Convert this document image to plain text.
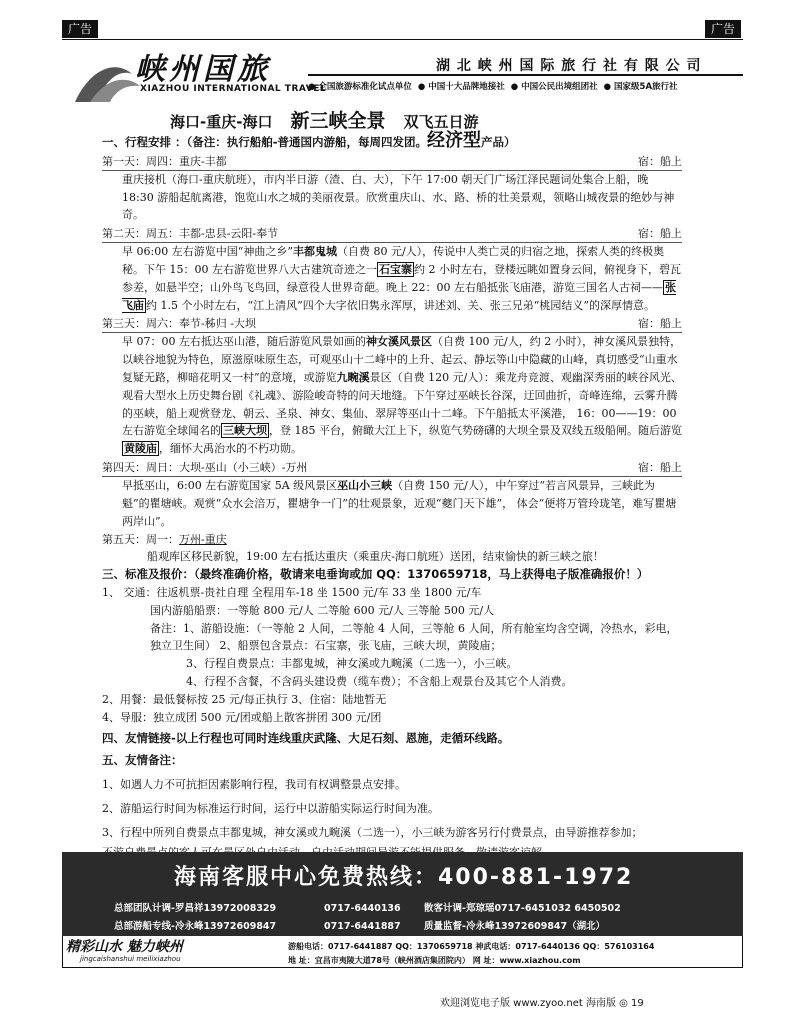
广告	广告
峡州国旅
XIAZHOU INTERNATIONAL TRAVEL
湖 北 峡 州 国 际 旅 行 社 有 限 公 司
● 全国旅游标准化试点单位 ● 中国十大品牌地接社 ● 中国公民出境组团社 ● 国家级5A旅行社
海口-重庆-海口 新三峡全景 双飞五日游
一、行程安排 ：（备注：执行船舶-普通国内游船，每周四发团。经济型产品）
第一天：周四：重庆-丰都	宿：船上
重庆接机（海口-重庆航班），市内半日游（渣、白、大），下午 17:00 朝天门广场江泽民题词处集合上船，晚 18:30 游船起航离港，饱览山水之城的美丽夜景。欣赏重庆山、水、路、桥的壮美景观，领略山城夜景的绝妙与神奇。
第二天：周五：丰都-忠县-云阳-奉节	宿：船上
早 06:00 左右游览中国“神曲之乡”丰都鬼城（自费 80 元/人），传说中人类亡灵的归宿之地，探索人类的终极奥秘。下午 15：00 左右游览世界八大古建筑奇迹之一 石宝寨 约 2 小时左右，登楼远眺如置身云间，俯视身下，碧瓦参差，如悬半空；山外鸟飞鸟回，绿意役人世界奇葩。晚上 22：00 左右船抵张飞庙港，游览三国名人古祠—— 张飞庙 约 1.5 个小时左右，“江上清风”四个大字依旧隽永浑厚，讲述刘、关、张三兄弟“桃园结义”的深厚情意。
第三天：周六：奉节-秭归 -大坝	宿：船上
早 07：00 左右抵达巫山港，随后游览风景如画的神女溪风景区（自费 100 元/人，约 2 小时），神女溪风景独特，以峡谷地貌为特色，原滋原味原生态，可观巫山十二峰中的上升、起云、静坛等山中隐藏的山峰，真切感受“山重水复疑无路，柳暗花明又一村”的意境，或游览九畹溪景区（自费 120 元/人）：乘龙舟竞渡、观幽深秀丽的峡谷风光、观看大型水上历史舞台剧《礼魂》、游险峻奇特的问天地缝。下午穿过巫峡长谷深，迂回曲折，奇峰连绵，云雾升腾的巫峡，船上观赏登龙、朝云、圣泉、神女、集仙、翠屏等巫山十二峰。下午船抵太平溪港， 16：00——19：00 左右游览全球闻名的 三峡大坝 ，登 185 平台，俯瞰大江上下，纵览气势磅礴的大坝全景及双线五级船闸。随后游览黄陵庙 ，缅怀大禹治水的不朽功勋。
第四天：周日：大坝-巫山（小三峡）-万州	宿：船上
早抵巫山，6:00 左右游览国家 5A 级风景区巫山小三峡（自费 150 元/人），中午穿过“若言风景异，三峡此为魁”的瞿塘峡。观赏“众水会涪万，瞿塘争一门”的壮观景象，近观“夔门天下雄”， 体会“便将万管玲珑笔，难写瞿塘两岸山”。
第五天：周一：万州-重庆
船观库区移民新貌，19:00 左右抵达重庆（乘重庆-海口航班）送团，结束愉快的新三峡之旅！
三、标准及报价：（最终准确价格，敬请来电垂询或加 QQ：1370659718，马上获得电子版准确报价！）
1、 交通：往返机票-贵社自理 全程用车-18 坐 1500 元/车 33 坐 1800 元/车
国内游船船票：一等舱 800 元/人 二等舱 600 元/人 三等舱 500 元/人
备注：1、游船设施：（一等舱 2 人间，二等舱 4 人间，三等舱 6 人间，所有舱室均含空调，冷热水，彩电，独立卫生间） 2、船票包含景点：石宝寨，张飞庙，三峡大坝，黄陵庙；
3、行程自费景点：丰都鬼城，神女溪或九畹溪（二选一），小三峡。
4、行程不含餐，不含码头建设费（缆车费）；不含船上观景台及其它个人消费。
2、用餐：最低餐标按 25 元/每正执行 3、住宿：陆地暂无
4、导服：独立成团 500 元/团或船上散客拼团 300 元/团
四、友情链接-以上行程也可同时连线重庆武隆、大足石刻、恩施，走循环线路。
五、友情备注：
1、如遇人力不可抗拒因素影响行程，我司有权调整景点安排。
2、游船运行时间为标准运行时间，运行中以游船实际运行时间为准。
3、行程中所列自费景点丰都鬼城，神女溪或九畹溪（二选一），小三峡为游客另行付费景点，由导游推荐参加；
海南客服中心免费热线：400-881-1972
总部团队计调-罗昌祥13972008329	0717-6440136 散客计调-郑琼瑶0717-6451032 6450502
总部游船专线-冷永峰13972609847	0717-6441887 质量监督-冷永峰13972609847（湖北）
精彩山水 魅力峡州
jingcaishanshui meilixiazhou
游船电话：0717-6441887 QQ：1370659718 神武电话：0717-6440136 QQ：576103164
地 址：宜昌市夷陵大道78号（峡州酒店集团院内） 网 址：www.xiazhou.com
欢迎浏览电子版 www.zyoo.net 海南版 ◎ 19
